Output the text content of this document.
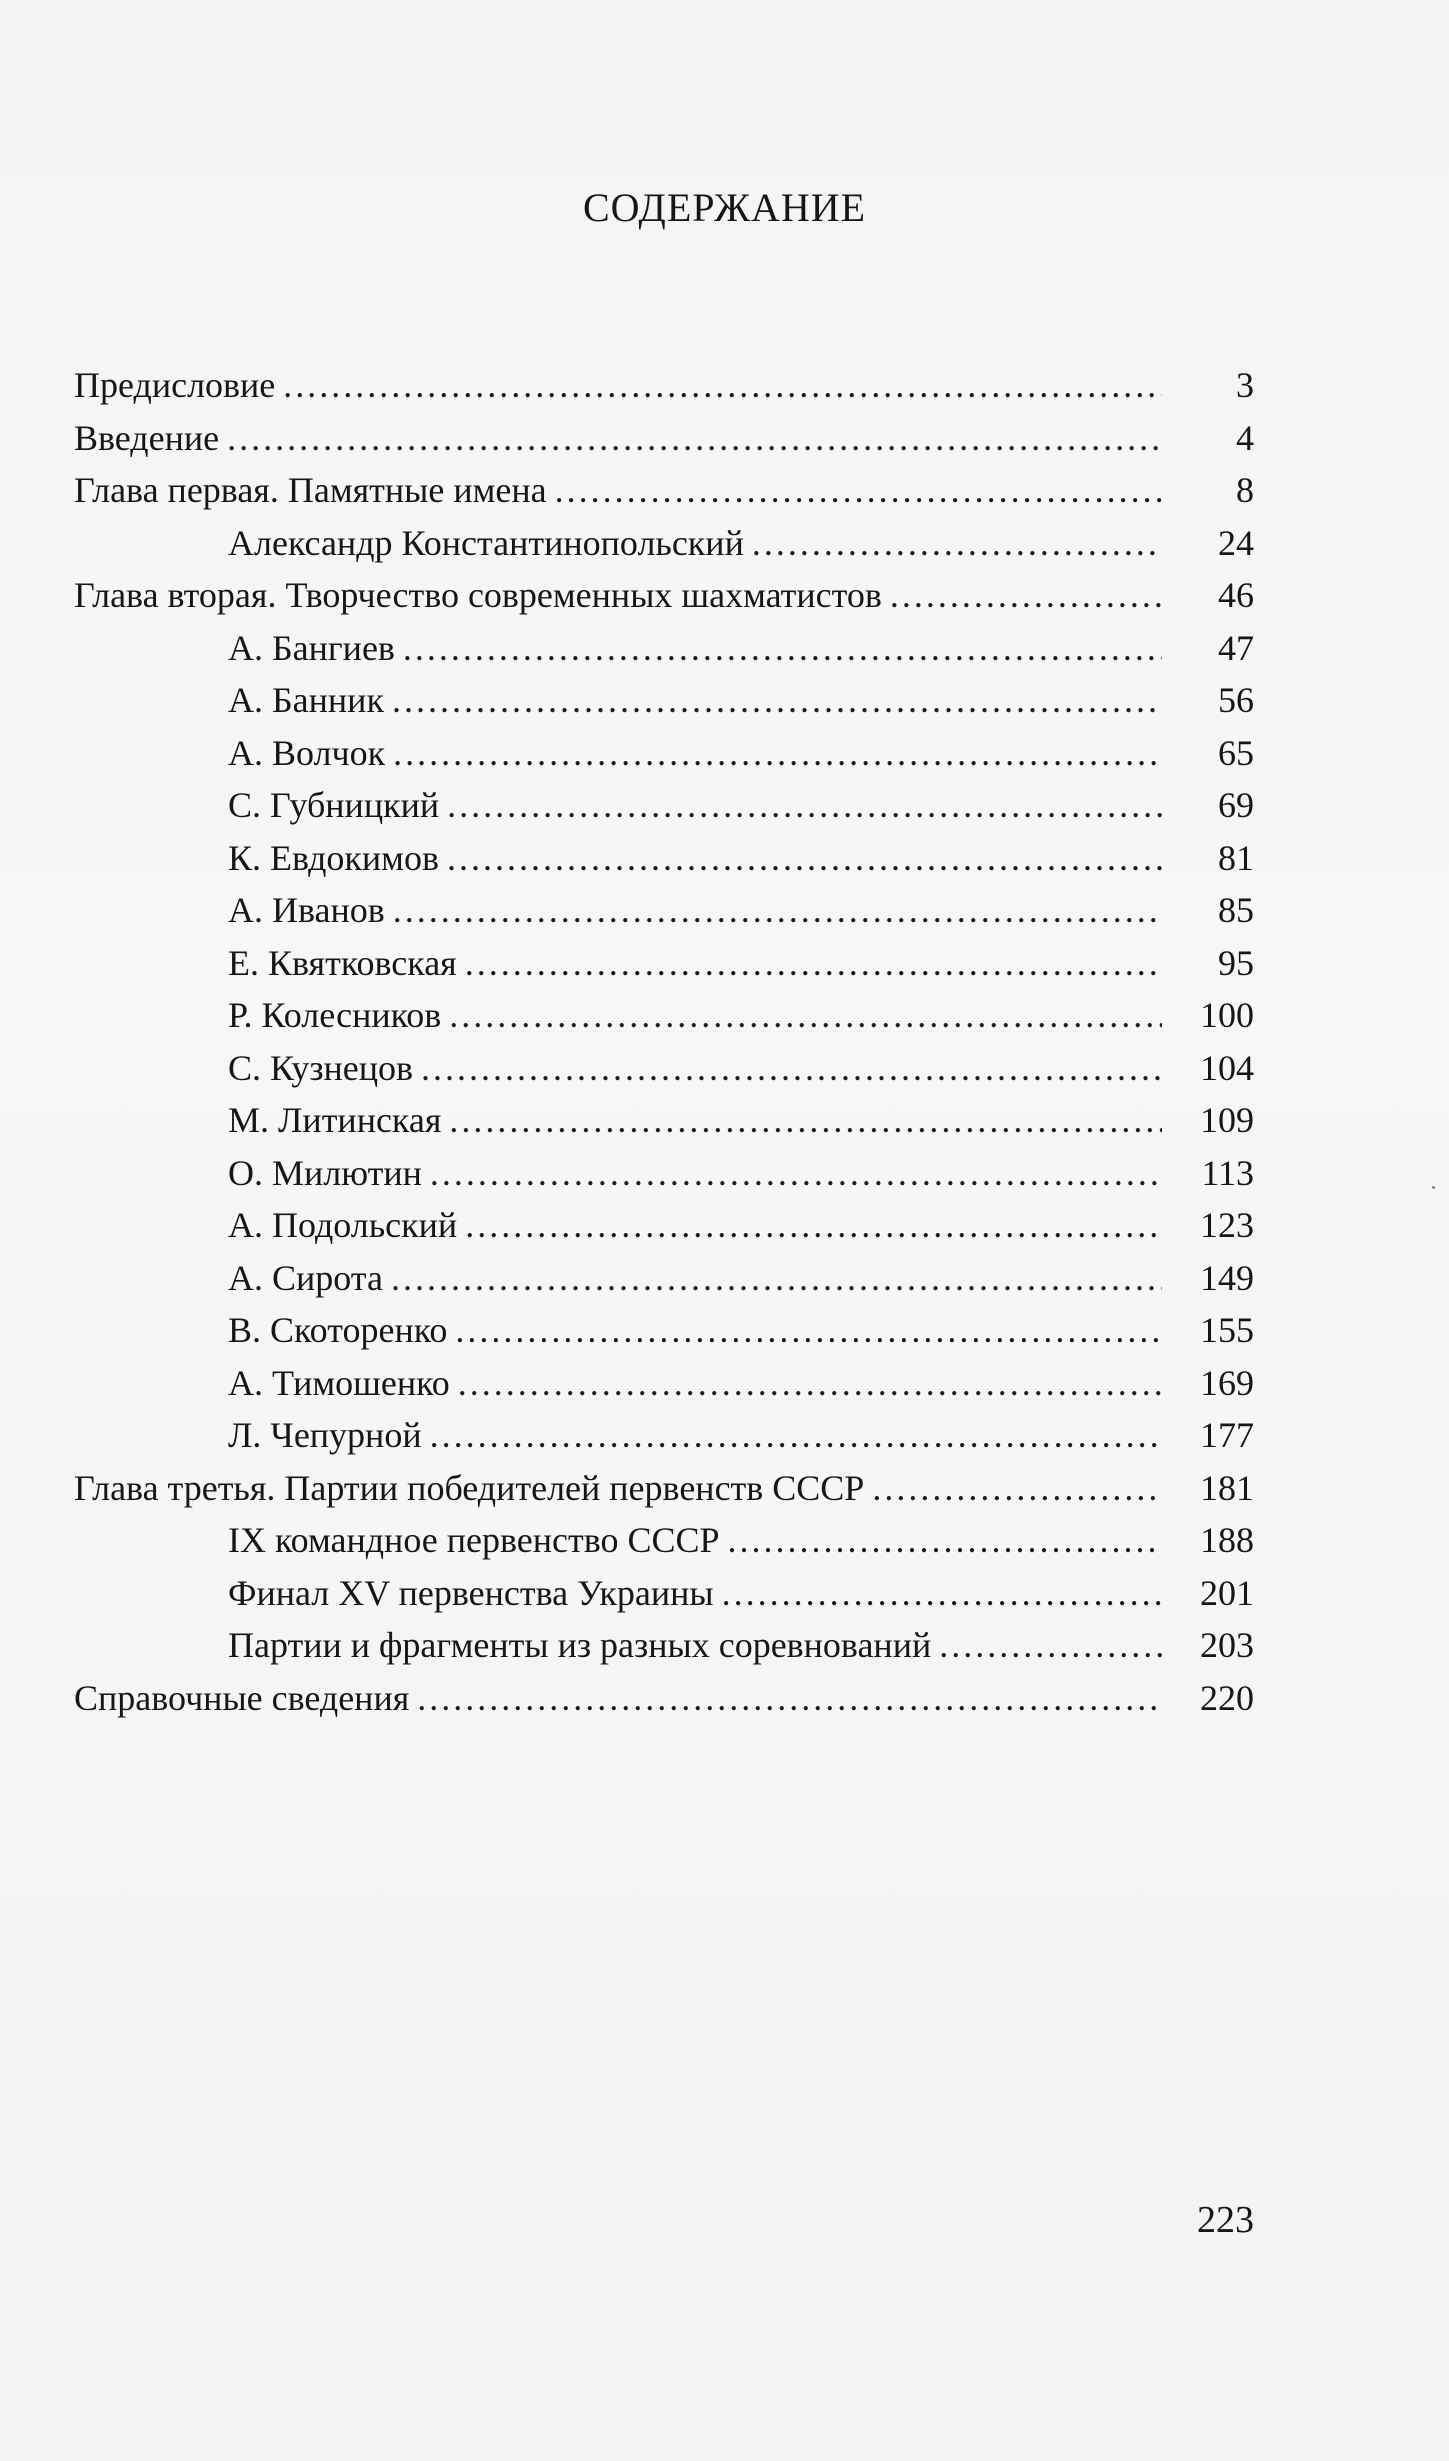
СОДЕРЖАНИЕ
Предисловие .....	3
Введение .....	4
Глава первая. Памятные имена .....	8
Александр Константинопольский .....	24
Глава вторая. Творчество современных шахматистов .....	46
А. Бангиев .....	47
А. Банник .....	56
А. Волчок .....	65
С. Губницкий .....	69
К. Евдокимов .....	81
А. Иванов .....	85
Е. Квятковская .....	95
Р. Колесников .....	100
С. Кузнецов .....	104
М. Литинская .....	109
О. Милютин .....	113
А. Подольский .....	123
А. Сирота .....	149
В. Скоторенко .....	155
А. Тимошенко .....	169
Л. Чепурной .....	177
Глава третья. Партии победителей первенств СССР .....	181
IX командное первенство СССР .....	188
Финал XV первенства Украины .....	201
Партии и фрагменты из разных соревнований .....	203
Справочные сведения .....	220
223
